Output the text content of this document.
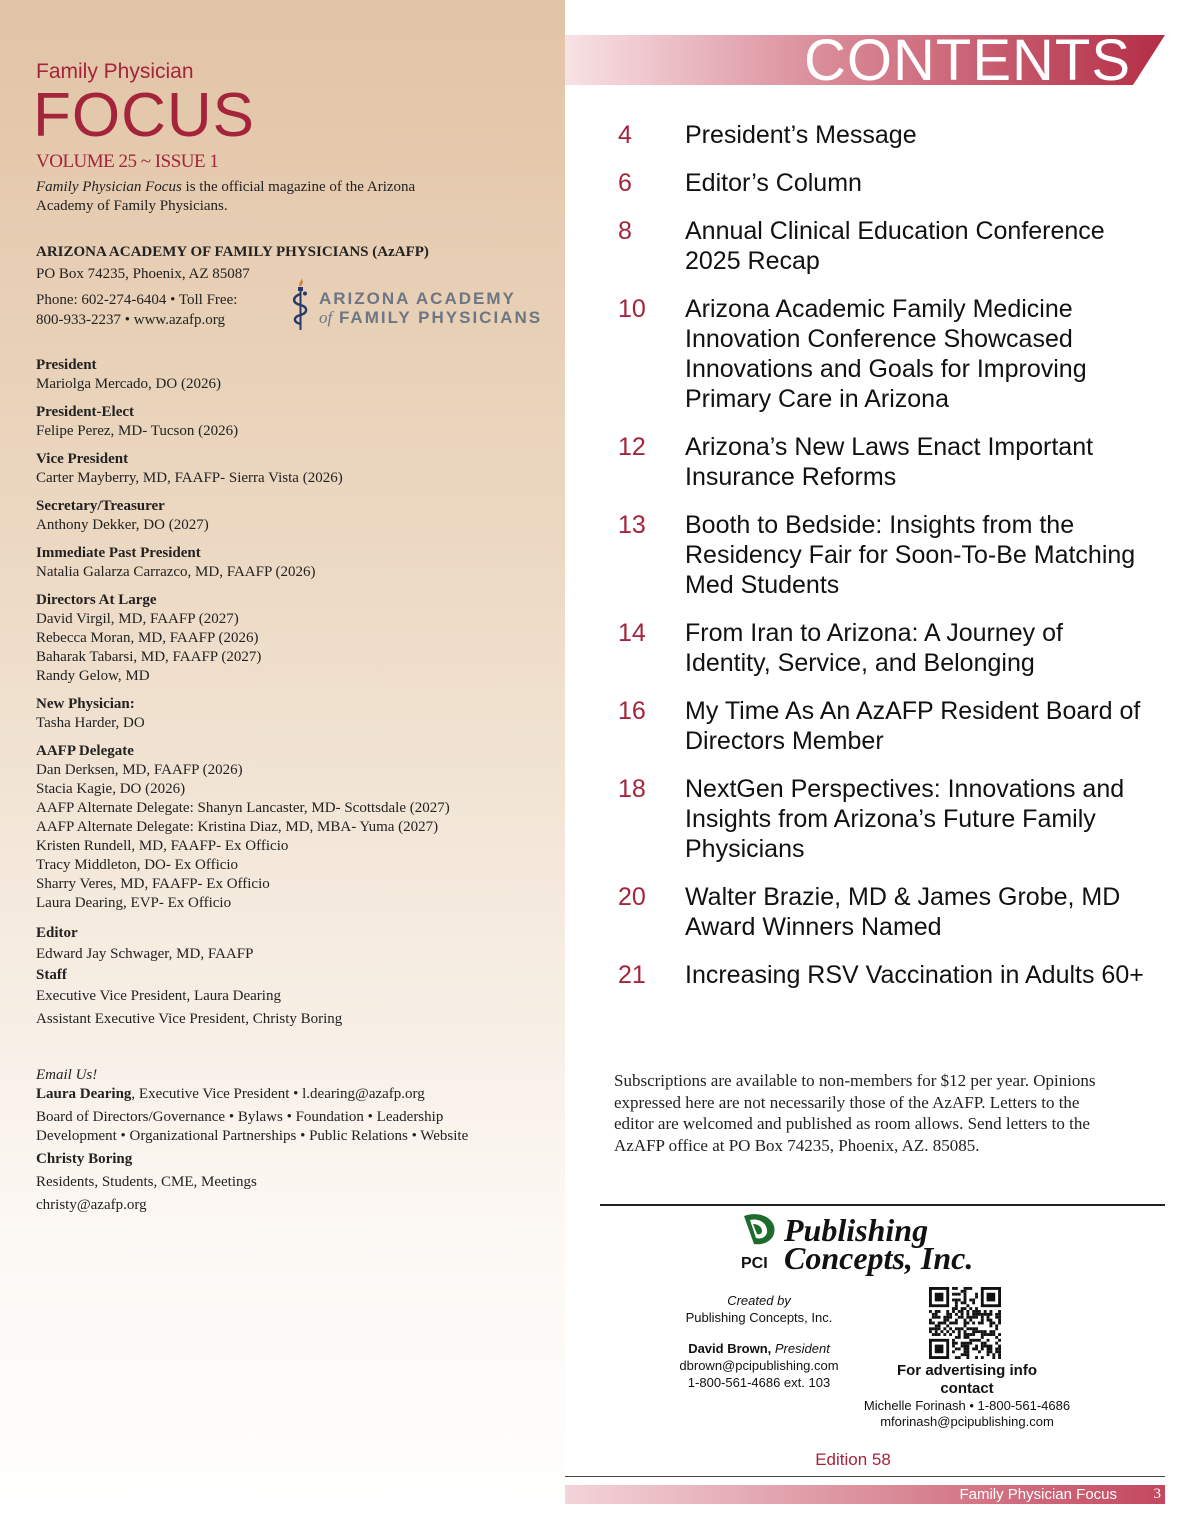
Family Physician
FOCUS
VOLUME 25 ~ ISSUE 1
Family Physician Focus is the official magazine of the Arizona Academy of Family Physicians.
ARIZONA ACADEMY OF FAMILY PHYSICIANS (AzAFP)
PO Box 74235, Phoenix, AZ 85087
Phone: 602-274-6404 • Toll Free:
800-933-2237 • www.azafp.org
ARIZONA ACADEMY
of FAMILY PHYSICIANS
President
Mariolga Mercado, DO (2026)
President-Elect
Felipe Perez, MD- Tucson (2026)
Vice President
Carter Mayberry, MD, FAAFP- Sierra Vista (2026)
Secretary/Treasurer
Anthony Dekker, DO (2027)
Immediate Past President
Natalia Galarza Carrazco, MD, FAAFP (2026)
Directors At Large
David Virgil, MD, FAAFP (2027)
Rebecca Moran, MD, FAAFP (2026)
Baharak Tabarsi, MD, FAAFP (2027)
Randy Gelow, MD
New Physician:
Tasha Harder, DO
AAFP Delegate
Dan Derksen, MD, FAAFP (2026)
Stacia Kagie, DO (2026)
AAFP Alternate Delegate: Shanyn Lancaster, MD- Scottsdale (2027)
AAFP Alternate Delegate: Kristina Diaz, MD, MBA- Yuma (2027)
Kristen Rundell, MD, FAAFP- Ex Officio
Tracy Middleton, DO- Ex Officio
Sharry Veres, MD, FAAFP- Ex Officio
Laura Dearing, EVP- Ex Officio
Editor
Edward Jay Schwager, MD, FAAFP
Staff
Executive Vice President, Laura Dearing
Assistant Executive Vice President, Christy Boring
Email Us!
Laura Dearing, Executive Vice President • l.dearing@azafp.org
Board of Directors/Governance • Bylaws • Foundation • Leadership
Development • Organizational Partnerships • Public Relations • Website
Christy Boring
Residents, Students, CME, Meetings
christy@azafp.org
CONTENTS
4	President’s Message
6	Editor’s Column
8	Annual Clinical Education Conference 2025 Recap
10	Arizona Academic Family Medicine Innovation Conference Showcased Innovations and Goals for Improving Primary Care in Arizona
12	Arizona’s New Laws Enact Important Insurance Reforms
13	Booth to Bedside: Insights from the Residency Fair for Soon-To-Be Matching Med Students
14	From Iran to Arizona: A Journey of Identity, Service, and Belonging
16	My Time As An AzAFP Resident Board of Directors Member
18	NextGen Perspectives: Innovations and Insights from Arizona’s Future Family Physicians
20	Walter Brazie, MD & James Grobe, MD Award Winners Named
21	Increasing RSV Vaccination in Adults 60+
Subscriptions are available to non-members for $12 per year. Opinions expressed here are not necessarily those of the AzAFP. Letters to the editor are welcomed and published as room allows. Send letters to the AzAFP office at PO Box 74235, Phoenix, AZ. 85085.
PCI
Publishing
Concepts, Inc.
Created by
Publishing Concepts, Inc.
David Brown, President
dbrown@pcipublishing.com
1-800-561-4686 ext. 103
For advertising info
contact
Michelle Forinash • 1-800-561-4686
mforinash@pcipublishing.com
Edition 58
Family Physician Focus 3
